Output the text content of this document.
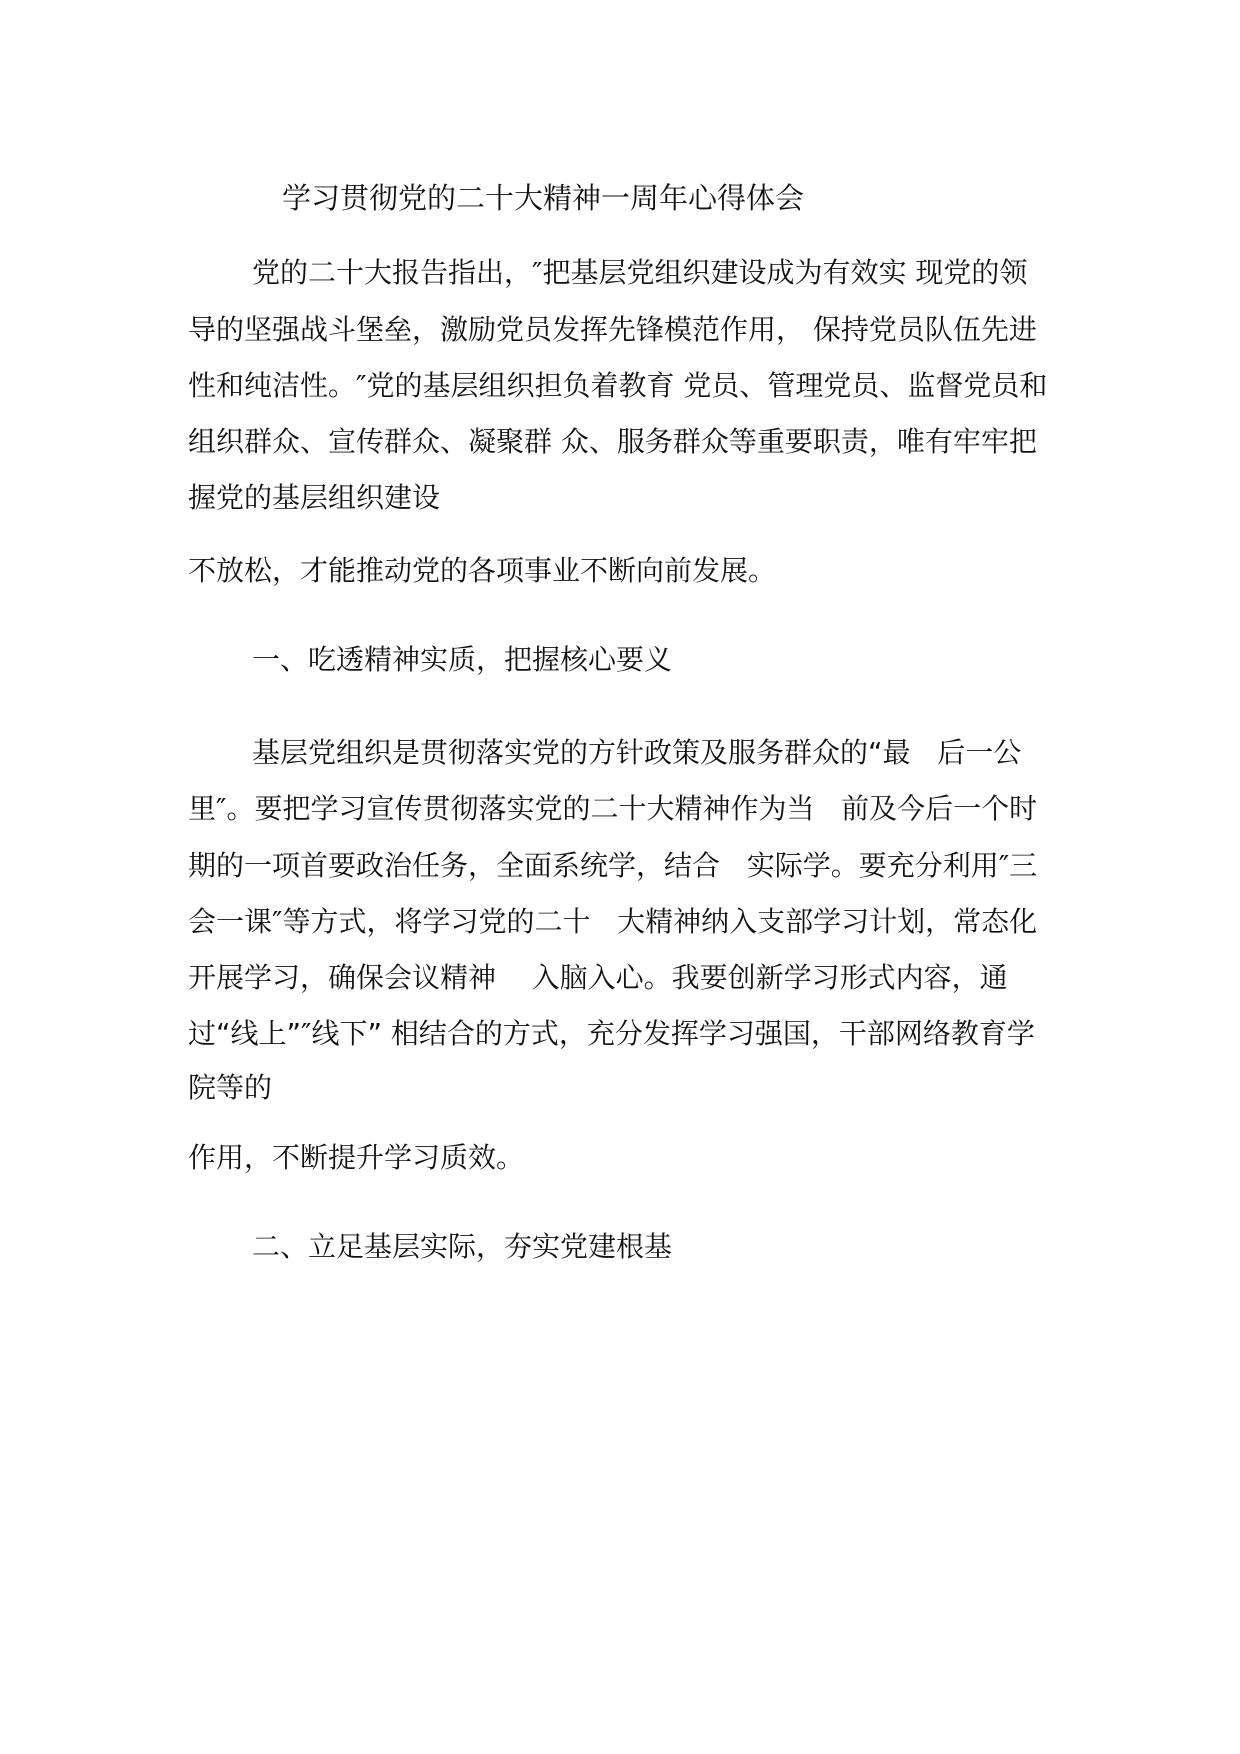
学习贯彻党的二十大精神一周年心得体会
党的二十大报告指出，″把基层党组织建设成为有效实 现党的领
导的坚强战斗堡垒，激励党员发挥先锋模范作用， 保持党员队伍先进
性和纯洁性。″党的基层组织担负着教育 党员、管理党员、监督党员和
组织群众、宣传群众、凝聚群 众、服务群众等重要职责，唯有牢牢把
握党的基层组织建设
不放松，才能推动党的各项事业不断向前发展。
一、吃透精神实质，把握核心要义
基层党组织是贯彻落实党的方针政策及服务群众的“最   后一公
里″。要把学习宣传贯彻落实党的二十大精神作为当   前及今后一个时
期的一项首要政治任务，全面系统学，结合   实际学。要充分利用″三
会一课″等方式，将学习党的二十   大精神纳入支部学习计划，常态化
开展学习，确保会议精神    入脑入心。我要创新学习形式内容，通
过“线上”″线下” 相结合的方式，充分发挥学习强国，干部网络教育学
院等的
作用，不断提升学习质效。
二、立足基层实际，夯实党建根基
